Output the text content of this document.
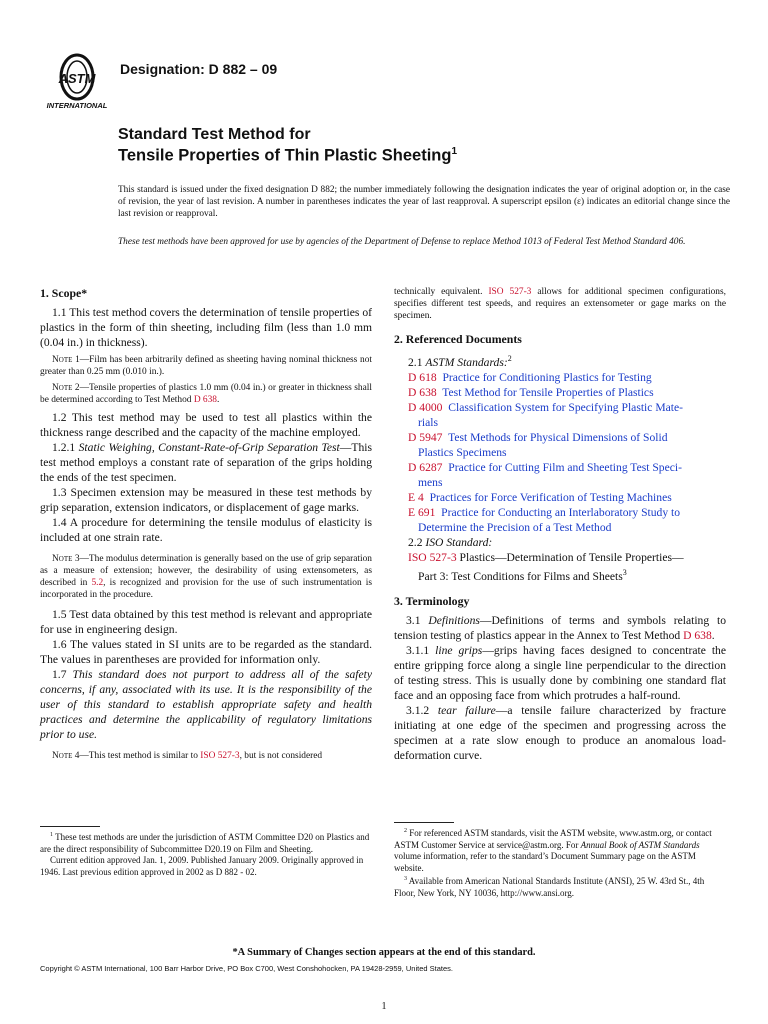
ASTM
INTERNATIONAL
Designation: D 882 – 09
Standard Test Method for
Tensile Properties of Thin Plastic Sheeting$^1$
This standard is issued under the fixed designation D 882; the number immediately following the designation indicates the year of original adoption or, in the case of revision, the year of last revision. A number in parentheses indicates the year of last reapproval. A superscript epsilon (ε) indicates an editorial change since the last revision or reapproval.
These test methods have been approved for use by agencies of the Department of Defense to replace Method 1013 of Federal Test Method Standard 406.
1. Scope*

1.1 This test method covers the determination of tensile properties of plastics in the form of thin sheeting, including film (less than 1.0 mm (0.04 in.) in thickness).

Note 1—Film has been arbitrarily defined as sheeting having nominal thickness not greater than 0.25 mm (0.010 in.).

Note 2—Tensile properties of plastics 1.0 mm (0.04 in.) or greater in thickness shall be determined according to Test Method D 638.

1.2 This test method may be used to test all plastics within the thickness range described and the capacity of the machine employed.

1.2.1 Static Weighing, Constant-Rate-of-Grip Separation Test—This test method employs a constant rate of separation of the grips holding the ends of the test specimen.

1.3 Specimen extension may be measured in these test methods by grip separation, extension indicators, or displacement of gage marks.

1.4 A procedure for determining the tensile modulus of elasticity is included at one strain rate.

Note 3—The modulus determination is generally based on the use of grip separation as a measure of extension; however, the desirability of using extensometers, as described in 5.2, is recognized and provision for the use of such instrumentation is incorporated in the procedure.

1.5 Test data obtained by this test method is relevant and appropriate for use in engineering design.

1.6 The values stated in SI units are to be regarded as the standard. The values in parentheses are provided for information only.

1.7 This standard does not purport to address all of the safety concerns, if any, associated with its use. It is the responsibility of the user of this standard to establish appropriate safety and health practices and determine the applicability of regulatory limitations prior to use.

Note 4—This test method is similar to ISO 527-3, but is not considered

technically equivalent. ISO 527-3 allows for additional specimen configurations, specifies different test speeds, and requires an extensometer or gage marks on the specimen.

2. Referenced Documents
2.1 ASTM Standards:$^2$
D 618 Practice for Conditioning Plastics for Testing
D 638 Test Method for Tensile Properties of Plastics
D 4000 Classification System for Specifying Plastic Mate-
rials
D 5947 Test Methods for Physical Dimensions of Solid
Plastics Specimens
D 6287 Practice for Cutting Film and Sheeting Test Speci-
mens
E 4 Practices for Force Verification of Testing Machines
E 691 Practice for Conducting an Interlaboratory Study to
Determine the Precision of a Test Method
2.2 ISO Standard:
ISO 527-3 Plastics—Determination of Tensile Properties—
Part 3: Test Conditions for Films and Sheets$^3$
3. Terminology

3.1 Definitions—Definitions of terms and symbols relating to tension testing of plastics appear in the Annex to Test Method D 638.

3.1.1 line grips—grips having faces designed to concentrate the entire gripping force along a single line perpendicular to the direction of testing stress. This is usually done by combining one standard flat face and an opposing face from which protrudes a half-round.

3.1.2 tear failure—a tensile failure characterized by fracture initiating at one edge of the specimen and progressing across the specimen at a rate slow enough to produce an anomalous load-deformation curve.

$^1$ These test methods are under the jurisdiction of ASTM Committee D20 on Plastics and are the direct responsibility of Subcommittee D20.19 on Film and Sheeting.
Current edition approved Jan. 1, 2009. Published January 2009. Originally approved in 1946. Last previous edition approved in 2002 as D 882 - 02.
$^2$ For referenced ASTM standards, visit the ASTM website, www.astm.org, or contact ASTM Customer Service at service@astm.org. For Annual Book of ASTM Standards volume information, refer to the standard’s Document Summary page on the ASTM website.
$^3$ Available from American National Standards Institute (ANSI), 25 W. 43rd St., 4th Floor, New York, NY 10036, http://www.ansi.org.
*A Summary of Changes section appears at the end of this standard.
Copyright © ASTM International, 100 Barr Harbor Drive, PO Box C700, West Conshohocken, PA 19428-2959, United States.
1
